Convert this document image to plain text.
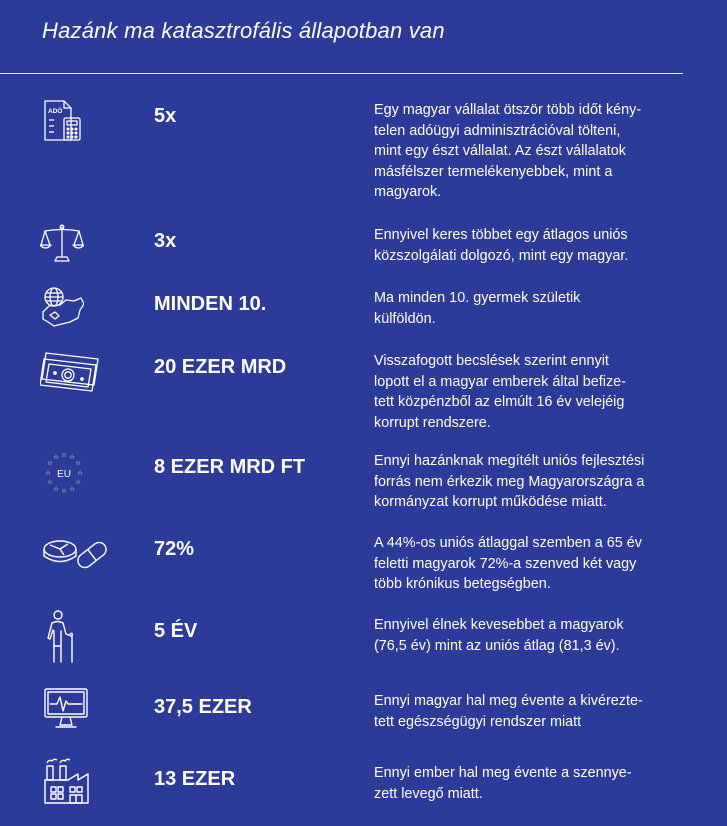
Hazánk ma katasztrofális állapotban van
ADÓ	5x	Egy magyar vállalat ötször több időt kény-
telen adóügyi adminisztrációval tölteni,
mint egy észt vállalat. Az észt vállalatok
másfélszer termelékenyebbek, mint a
magyarok.

3x	Ennyivel keres többet egy átlagos uniós
közszolgálati dolgozó, mint egy magyar.

MINDEN 10.	Ma minden 10. gyermek születik
külföldön.

20 EZER MRD	Visszafogott becslések szerint ennyit
lopott el a magyar emberek által befize-
tett közpénzből az elmúlt 16 év velejéig
korrupt rendszere.

☆ ☆
☆
☆
☆
☆
☆
☆
☆
☆
☆
☆
EU	8 EZER MRD FT	Ennyi hazánknak megítélt uniós fejlesztési
forrás nem érkezik meg Magyarországra a
kormányzat korrupt működése miatt.

72%	A 44%-os uniós átlaggal szemben a 65 év
feletti magyarok 72%-a szenved két vagy
több krónikus betegségben.

5 ÉV	Ennyivel élnek kevesebbet a magyarok
(76,5 év) mint az uniós átlag (81,3 év).

37,5 EZER	Ennyi magyar hal meg évente a kivérezte-
tett egészségügyi rendszer miatt

13 EZER	Ennyi ember hal meg évente a szennye-
zett levegő miatt.
